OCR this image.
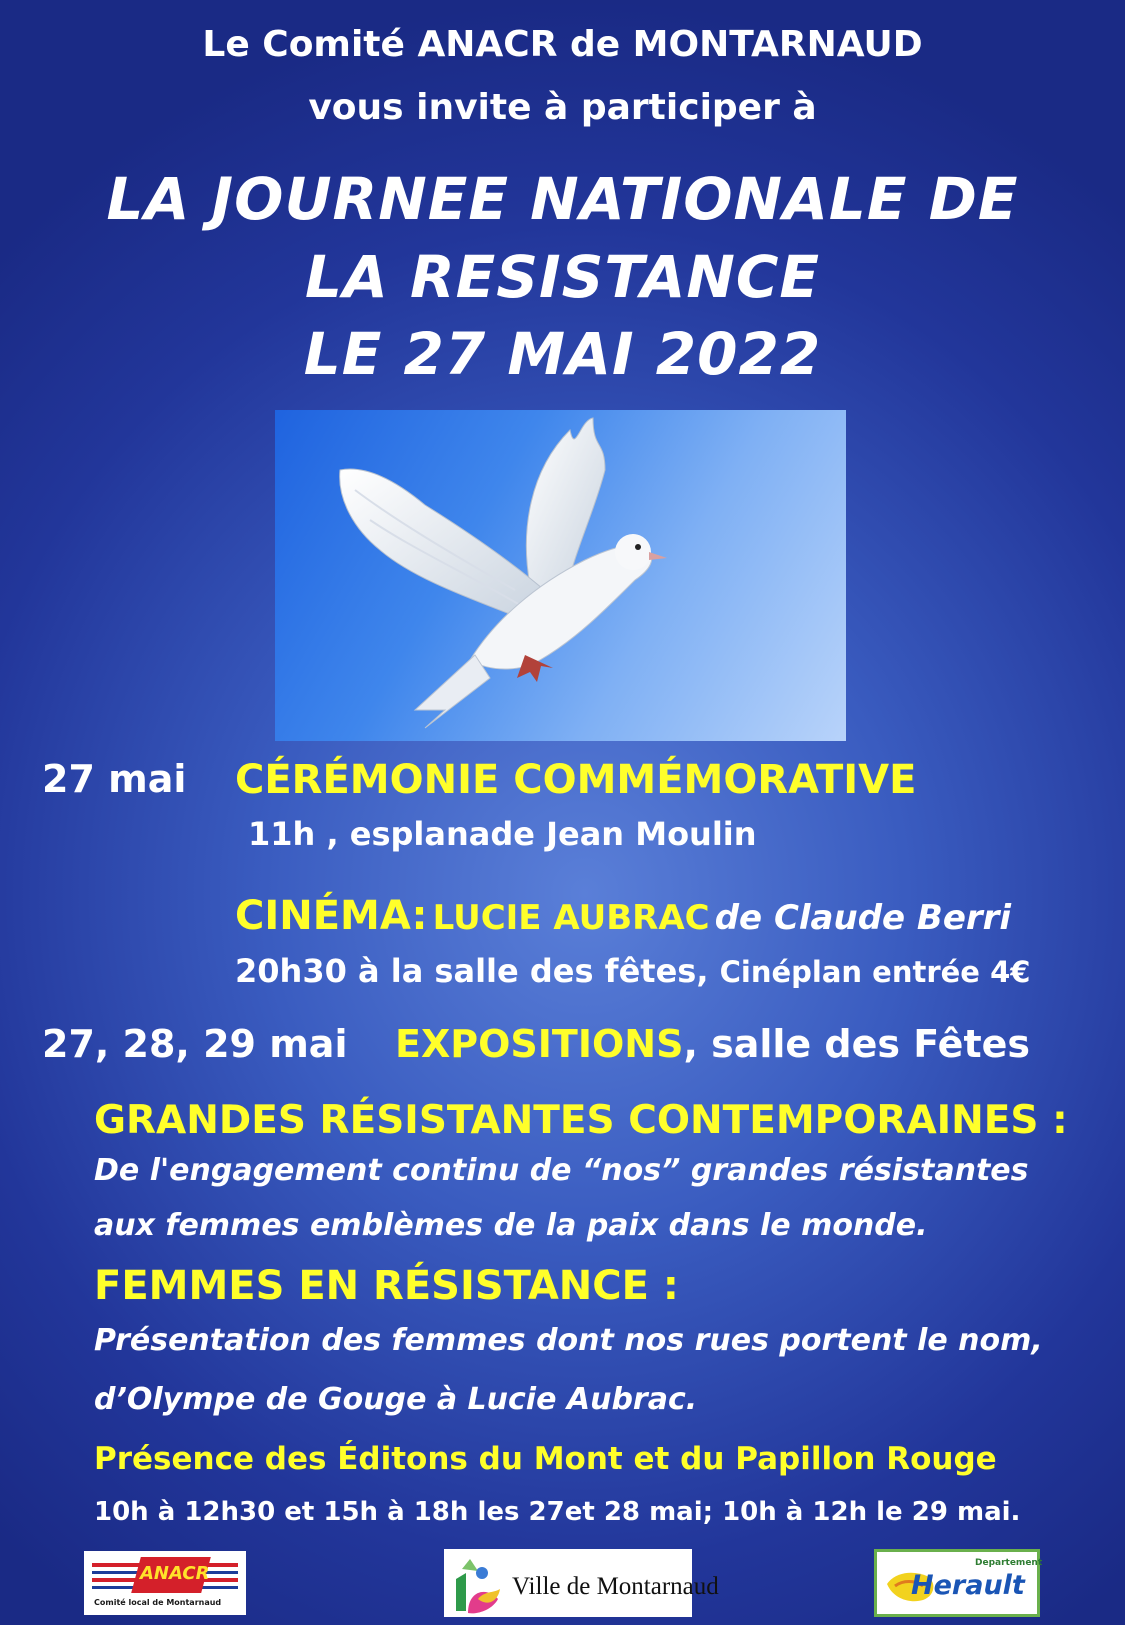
Le Comité ANACR de MONTARNAUD
vous invite à participer à
LA JOURNEE NATIONALE DE
LA RESISTANCE
LE 27 MAI 2022
27 mai CÉRÉMONIE COMMÉMORATIVE
11h , esplanade Jean Moulin
CINÉMA: LUCIE AUBRAC de Claude Berri
20h30 à la salle des fêtes, Cinéplan entrée 4€
27, 28, 29 mai EXPOSITIONS, salle des Fêtes
GRANDES RÉSISTANTES CONTEMPORAINES :
De l'engagement continu de “nos” grandes résistantes
aux femmes emblèmes de la paix dans le monde.
FEMMES EN RÉSISTANCE :
Présentation des femmes dont nos rues portent le nom,
d’Olympe de Gouge à Lucie Aubrac.
Présence des Éditons du Mont et du Papillon Rouge
10h à 12h30 et 15h à 18h les 27et 28 mai; 10h à 12h le 29 mai.
ANACR
Comité local de Montarnaud
Ville de Montarnaud
Departement
Herault
